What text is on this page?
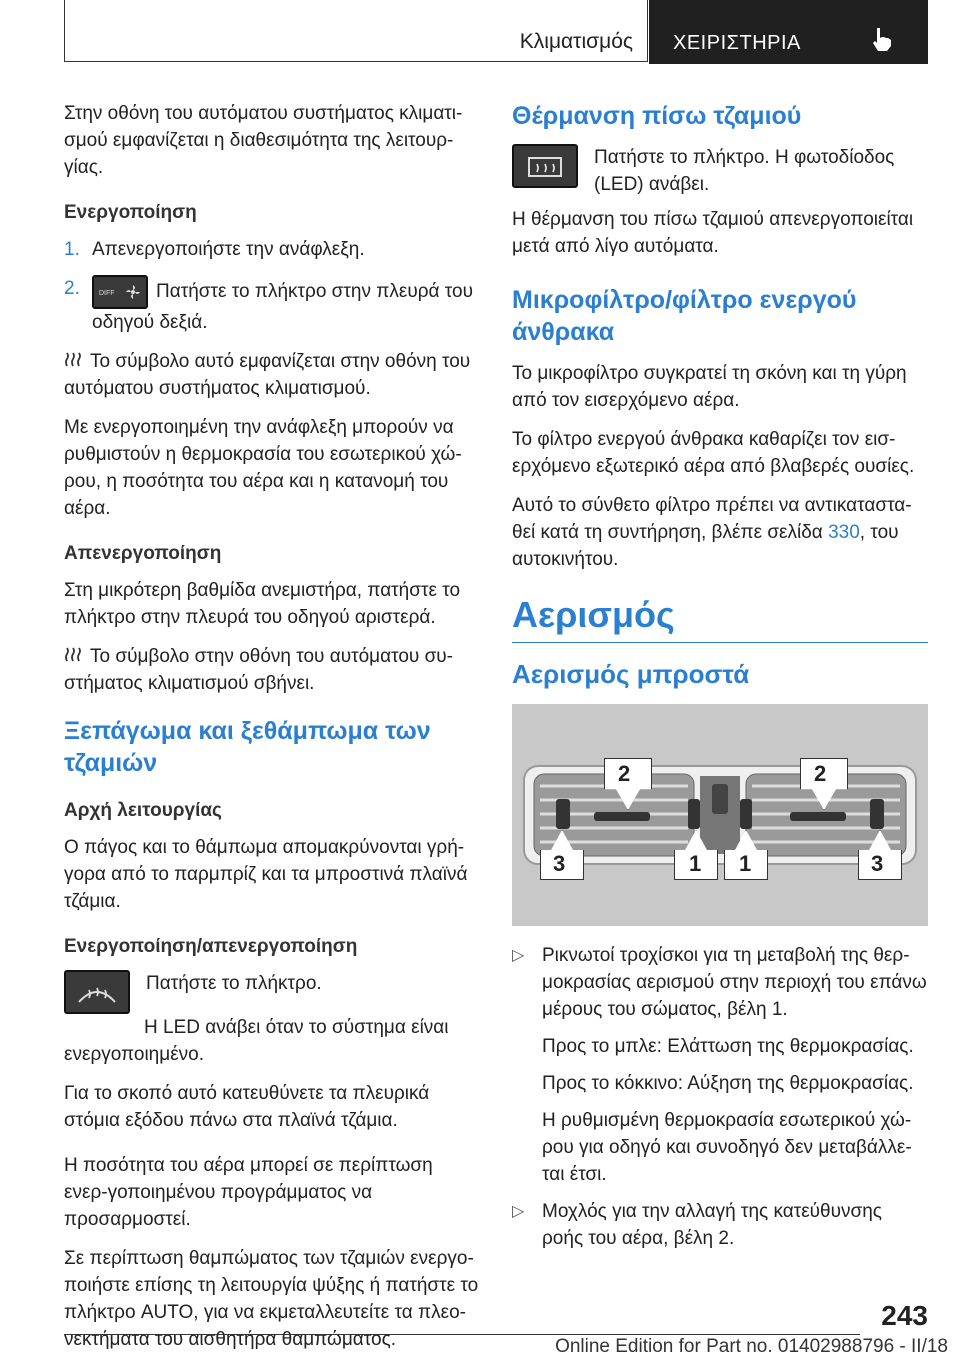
Κλιματισμός ΧΕΙΡΙΣΤΗΡΙΑ

Στην οθόνη του αυτόματου συστήματος κλιματι-σμού εμφανίζεται η διαθεσιμότητα της λειτουρ-γίας.

Ενεργοποίηση
1. Απενεργοποιήστε την ανάφλεξη.
2.	DIFF Πατήστε το πλήκτρο στην πλευρά του οδηγού δεξιά.

Το σύμβολο αυτό εμφανίζεται στην οθόνη του αυτόματου συστήματος κλιματισμού.

Με ενεργοποιημένη την ανάφλεξη μπορούν να ρυθμιστούν η θερμοκρασία του εσωτερικού χώ-ρου, η ποσότητα του αέρα και η κατανομή του αέρα.

Απενεργοποίηση

Στη μικρότερη βαθμίδα ανεμιστήρα, πατήστε το πλήκτρο στην πλευρά του οδηγού αριστερά.

Το σύμβολο στην οθόνη του αυτόματου συ-στήματος κλιματισμού σβήνει.

Ξεπάγωμα και ξεθάμπωμα των τζαμιών
Αρχή λειτουργίας

Ο πάγος και το θάμπωμα απομακρύνονται γρή-γορα από το παρμπρίζ και τα μπροστινά πλαϊνά τζάμια.

Ενεργοποίηση/απενεργοποίηση

Πατήστε το πλήκτρο.

Η LED ανάβει όταν το σύστημα είναι ενεργοποιημένο.

Για το σκοπό αυτό κατευθύνετε τα πλευρικά στόμια εξόδου πάνω στα πλαϊνά τζάμια.

Η ποσότητα του αέρα μπορεί σε περίπτωση ενερ-γοποιημένου προγράμματος να προσαρμοστεί.

Σε περίπτωση θαμπώματος των τζαμιών ενεργο-ποιήστε επίσης τη λειτουργία ψύξης ή πατήστε το πλήκτρο AUTO, για να εκμεταλλευτείτε τα πλεο-νεκτήματα του αισθητήρα θαμπώματος.

Θέρμανση πίσω τζαμιού
Πατήστε το πλήκτρο. Η φωτοδίοδος (LED) ανάβει.

Η θέρμανση του πίσω τζαμιού απενεργοποιείται μετά από λίγο αυτόματα.

Μικροφίλτρο/φίλτρο ενεργού άνθρακα

Το μικροφίλτρο συγκρατεί τη σκόνη και τη γύρη από τον εισερχόμενο αέρα.

Το φίλτρο ενεργού άνθρακα καθαρίζει τον εισ-ερχόμενο εξωτερικό αέρα από βλαβερές ουσίες.

Αυτό το σύνθετο φίλτρο πρέπει να αντικαταστα-θεί κατά τη συντήρηση, βλέπε σελίδα 330, του αυτοκινήτου.

Αερισμός
Αερισμός μπροστά
2	2
3	1 1	3
▷ Ρικνωτοί τροχίσκοι για τη μεταβολή της θερ-μοκρασίας αερισμού στην περιοχή του επάνω μέρους του σώματος, βέλη 1.

Προς το μπλε: Ελάττωση της θερμοκρασίας.

Προς το κόκκινο: Αύξηση της θερμοκρασίας.

Η ρυθμισμένη θερμοκρασία εσωτερικού χώ-ρου για οδηγό και συνοδηγό δεν μεταβάλλε-ται έτσι.

▷ Μοχλός για την αλλαγή της κατεύθυνσης ροής του αέρα, βέλη 2.
243
Online Edition for Part no. 01402988796 - II/18
